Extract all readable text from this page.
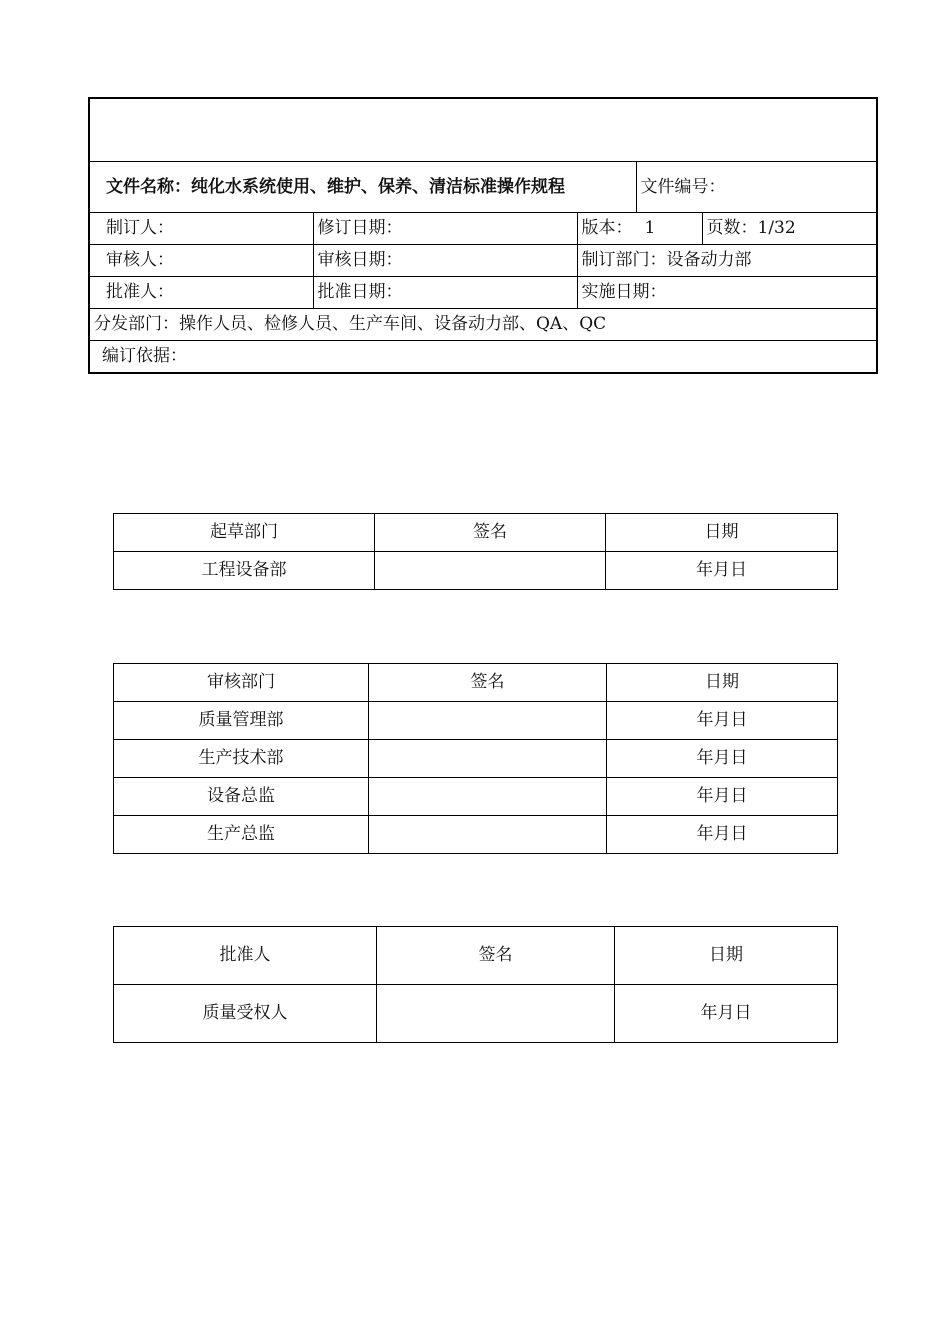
文件名称：纯化水系统使用、维护、保养、清洁标准操作规程			文件编号：	
制订人：	修订日期：	版本： 1		页数：1/32
审核人：	审核日期：	制订部门：设备动力部		
批准人：	批准日期：	实施日期：		
分发部门：操作人员、检修人员、生产车间、设备动力部、QA、QC				
编订依据：				
起草部门	签名	日期
工程设备部		年月日
审核部门	签名	日期
质量管理部		年月日
生产技术部		年月日
设备总监		年月日
生产总监		年月日
批准人	签名	日期
质量受权人		年月日
